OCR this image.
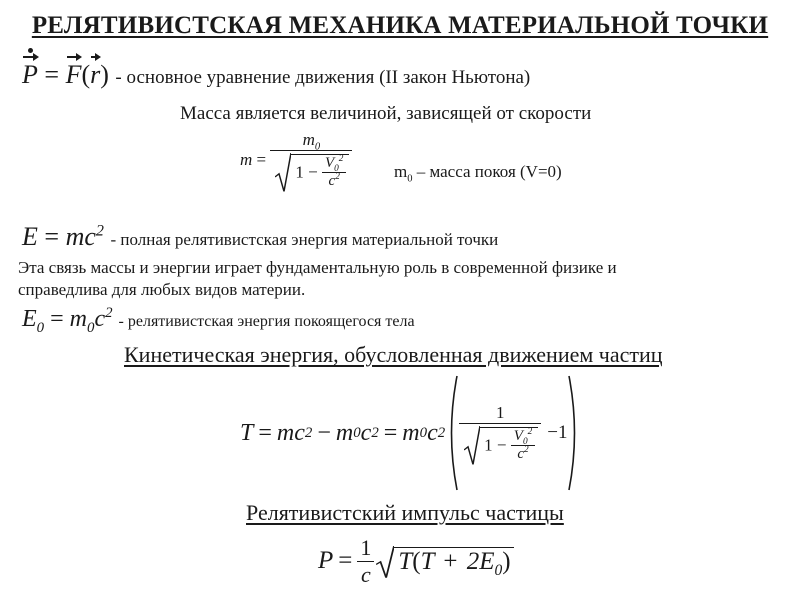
РЕЛЯТИВИСТСКАЯ МЕХАНИКА МАТЕРИАЛЬНОЙ ТОЧКИ
P = F(
r) - основное уравнение движения (II закон Ньютона)
Масса является величиной, зависящей от скорости
m =
$m_0$
$1 - \frac{V_0^2}{c^2}$	$m_0$ – масса покоя (V=0)
$E = mc^2$ - полная релятивистская энергия материальной точки
Эта связь массы и энергии играет фундаментальную роль в современной физике и
справедлива для любых видов материи.
$E_0 = m_0c^2$ - релятивистская энергия покоящегося тела
Кинетическая энергия, обусловленная движением частиц
T = mc 2 − m 0 c 2 = m 0 c 2
1
$1 - \frac{V_0^2}{c^2} -1$
Релятивистский импульс частицы
$P = \frac{1}{c} T(T + 2E_0)$
